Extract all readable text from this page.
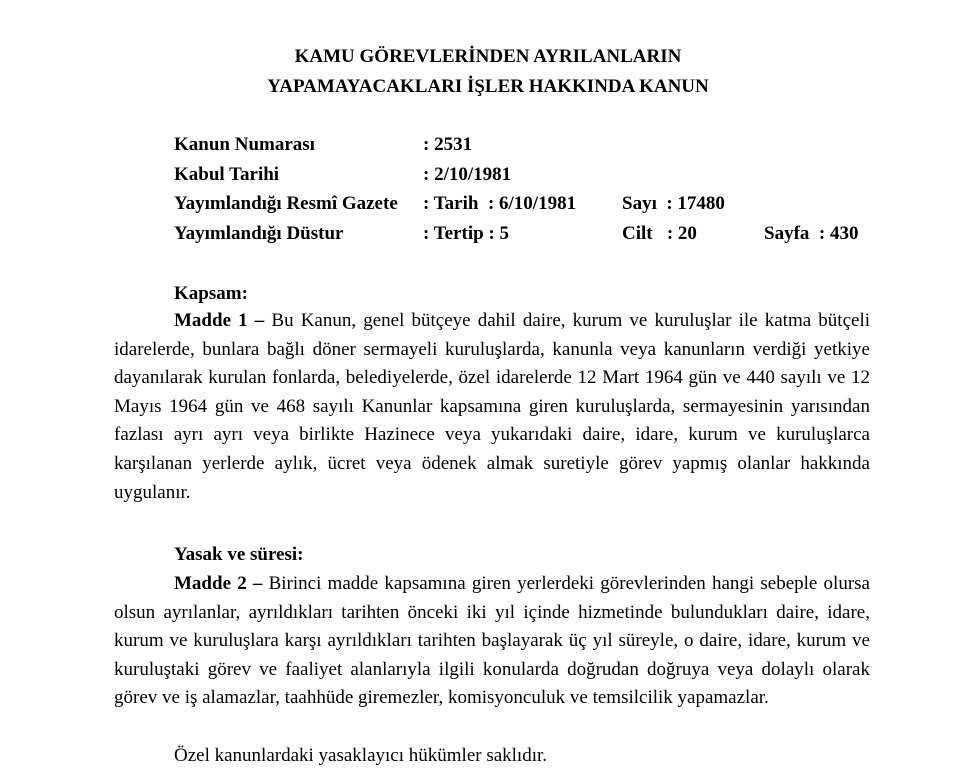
KAMU GÖREVLERİNDEN AYRILANLARIN
YAPAMAYACAKLARI İŞLER HAKKINDA KANUN
Kanun Numarası	: 2531
Kabul Tarihi	: 2/10/1981
Yayımlandığı Resmî Gazete : Tarih  : 6/10/1981 Sayı  : 17480
Yayımlandığı Düstur	: Tertip : 5	Cilt   : 20	Sayfa  : 430
Kapsam:
Madde 1 – Bu Kanun, genel bütçeye dahil daire, kurum ve kuruluşlar ile katma bütçeli idarelerde, bunlara bağlı döner sermayeli kuruluşlarda, kanunla veya kanunların verdiği yetkiye dayanılarak kurulan fonlarda, belediyelerde, özel idarelerde 12 Mart 1964 gün ve 440 sayılı ve 12 Mayıs 1964 gün ve 468 sayılı Kanunlar kapsamına giren kuruluşlarda, sermayesinin yarısından fazlası ayrı ayrı veya birlikte Hazinece veya yukarıdaki daire, idare, kurum ve kuruluşlarca karşılanan yerlerde aylık, ücret veya ödenek almak suretiyle görev yapmış olanlar hakkında uygulanır.
Yasak ve süresi:
Madde 2 – Birinci madde kapsamına giren yerlerdeki görevlerinden hangi sebeple olursa olsun ayrılanlar, ayrıldıkları tarihten önceki iki yıl içinde hizmetinde bulundukları daire, idare, kurum ve kuruluşlara karşı ayrıldıkları tarihten başlayarak üç yıl süreyle, o daire, idare, kurum ve kuruluştaki görev ve faaliyet alanlarıyla ilgili konularda doğrudan doğruya veya dolaylı olarak görev ve iş alamazlar, taahhüde giremezler, komisyonculuk ve temsilcilik yapamazlar.
Özel kanunlardaki yasaklayıcı hükümler saklıdır.
